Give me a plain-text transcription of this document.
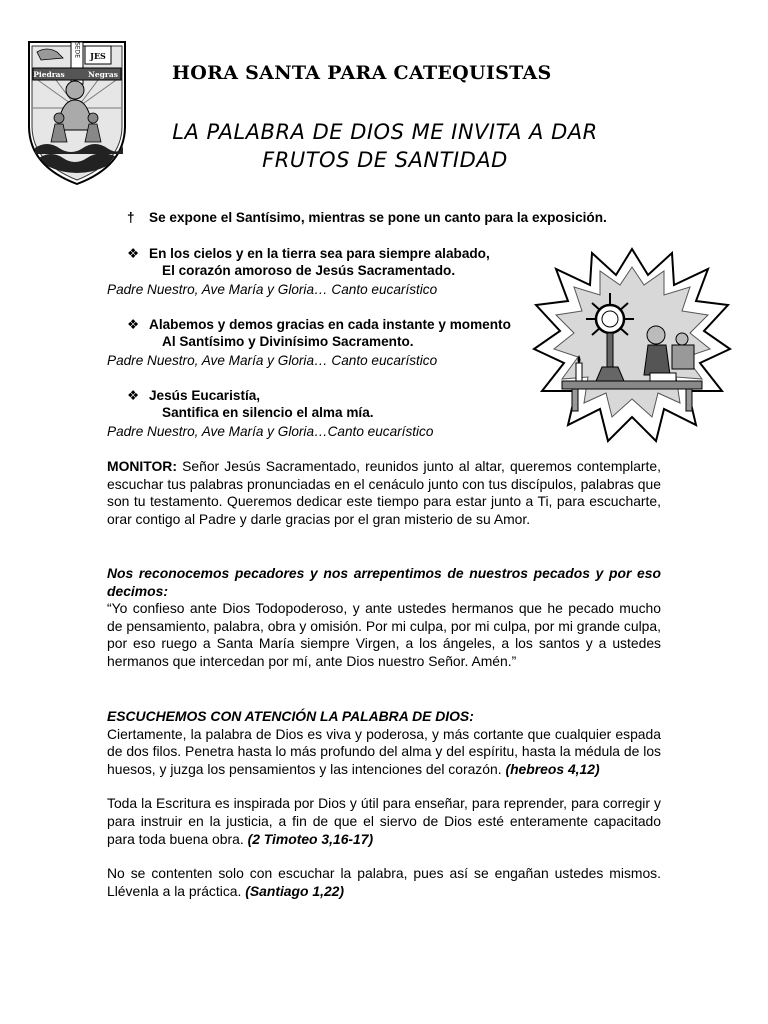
SEDE JES
Piedras	Negras	HORA SANTA PARA CATEQUISTAS
LA PALABRA DE DIOS ME INVITA A DAR
FRUTOS DE SANTIDAD
† Se expone el Santísimo, mientras se pone un canto para la exposición.
❖ En los cielos y en la tierra sea para siempre alabado,
El corazón amoroso de Jesús Sacramentado.
Padre Nuestro, Ave María y Gloria… Canto eucarístico
❖ Alabemos y demos gracias en cada instante y momento
Al Santísimo y Divinísimo Sacramento.
Padre Nuestro, Ave María y Gloria… Canto eucarístico
❖ Jesús Eucaristía,
Santifica en silencio el alma mía.
Padre Nuestro, Ave María y Gloria…Canto eucarístico
MONITOR: Señor Jesús Sacramentado, reunidos junto al altar, queremos contemplarte, escuchar tus palabras pronunciadas en el cenáculo junto con tus discípulos, palabras que son tu testamento. Queremos dedicar este tiempo para estar junto a Ti, para escucharte, orar contigo al Padre y darle gracias por el gran misterio de su Amor.
Nos reconocemos pecadores y nos arrepentimos de nuestros pecados y por eso decimos:
“Yo confieso ante Dios Todopoderoso, y ante ustedes hermanos que he pecado mucho de pensamiento, palabra, obra y omisión. Por mi culpa, por mi culpa, por mi grande culpa, por eso ruego a Santa María siempre Virgen, a los ángeles, a los santos y a ustedes hermanos que intercedan por mí, ante Dios nuestro Señor. Amén.”
ESCUCHEMOS CON ATENCIÓN LA PALABRA DE DIOS:
Ciertamente, la palabra de Dios es viva y poderosa, y más cortante que cualquier espada de dos filos. Penetra hasta lo más profundo del alma y del espíritu, hasta la médula de los huesos, y juzga los pensamientos y las intenciones del corazón. (hebreos 4,12)
Toda la Escritura es inspirada por Dios y útil para enseñar, para reprender, para corregir y para instruir en la justicia, a fin de que el siervo de Dios esté enteramente capacitado para toda buena obra. (2 Timoteo 3,16-17)
No se contenten solo con escuchar la palabra, pues así se engañan ustedes mismos. Llévenla a la práctica. (Santiago 1,22)
